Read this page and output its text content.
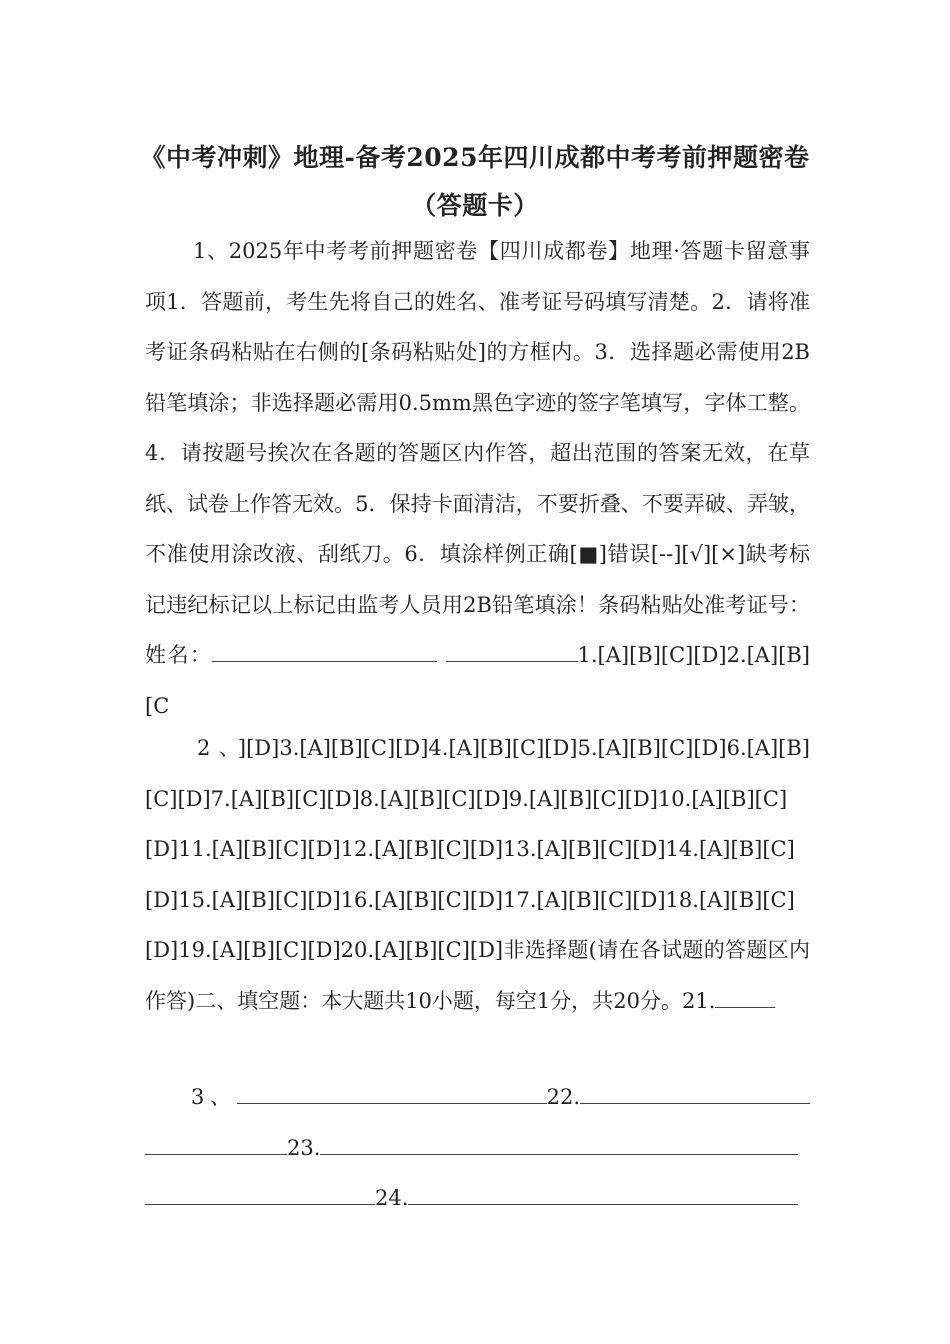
《中考冲刺》地理-备考2025年四川成都中考考前押题密卷
（答题卡）

1、2025年中考考前押题密卷【四川成都卷】地理·答题卡留意事项1．答题前，考生先将自己的姓名、准考证号码填写清楚。2．请将准考证条码粘贴在右侧的[条码粘贴处]的方框内。3．选择题必需使用2B铅笔填涂；非选择题必需用0.5mm黑色字迹的签字笔填写，字体工整。4．请按题号挨次在各题的答题区内作答，超出范围的答案无效，在草纸、试卷上作答无效。5．保持卡面清洁，不要折叠、不要弄破、弄皱，不准使用涂改液、刮纸刀。6．填涂样例正确[■]错误[--][√][×]缺考标记违纪标记以上标记由监考人员用2B铅笔填涂！条码粘贴处准考证号：姓名：	1.[A][B][C][D]2.[A][B][C

2、][D]3.[A][B][C][D]4.[A][B][C][D]5.[A][B][C][D]6.[A][B][C][D]7.[A][B][C][D]8.[A][B][C][D]9.[A][B][C][D]10.[A][B][C][D]11.[A][B][C][D]12.[A][B][C][D]13.[A][B][C][D]14.[A][B][C][D]15.[A][B][C][D]16.[A][B][C][D]17.[A][B][C][D]18.[A][B][C][D]19.[A][B][C][D]20.[A][B][C][D]非选择题(请在各试题的答题区内作答)二、填空题：本大题共10小题，每空1分，共20分。21.

3、	22. 23. 24.
